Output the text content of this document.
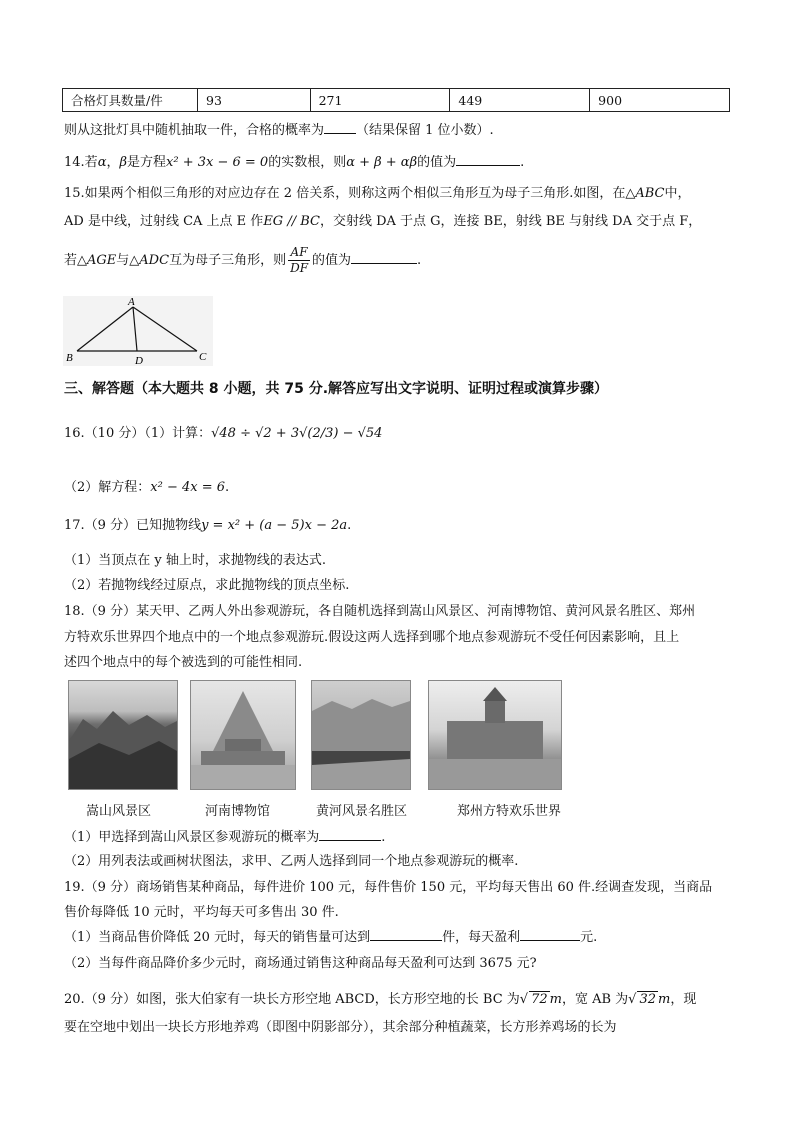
合格灯具数量/件	93	271	449	900
则从这批灯具中随机抽取一件，合格的概率为 （结果保留 1 位小数）.
14.若α，β是方程x² + 3x − 6 = 0的实数根，则α + β + αβ的值为	.
15.如果两个相似三角形的对应边存在 2 倍关系，则称这两个相似三角形互为母子三角形.如图，在△ABC中，
AD 是中线，过射线 CA 上点 E 作EG // BC，交射线 DA 于点 G，连接 BE，射线 BE 与射线 DA 交于点 F，
若△AGE与△ADC互为母子三角形，则 $\frac{AF}{DF}$ 的值为	.
A
B	C
D
三、解答题（本大题共 8 小题，共 75 分.解答应写出文字说明、证明过程或演算步骤）
16.（10 分）（1）计算：√48 ÷ √2 + 3√(2/3) − √54
（2）解方程：x² − 4x = 6.
17.（9 分）已知抛物线y = x² + (a − 5)x − 2a.
（1）当顶点在 y 轴上时，求抛物线的表达式.
（2）若抛物线经过原点，求此抛物线的顶点坐标.
18.（9 分）某天甲、乙两人外出参观游玩，各自随机选择到嵩山风景区、河南博物馆、黄河风景名胜区、郑州
方特欢乐世界四个地点中的一个地点参观游玩.假设这两人选择到哪个地点参观游玩不受任何因素影响，且上
述四个地点中的每个被选到的可能性相同.
嵩山风景区	河南博物馆	黄河风景名胜区	郑州方特欢乐世界
（1）甲选择到嵩山风景区参观游玩的概率为	.
（2）用列表法或画树状图法，求甲、乙两人选择到同一个地点参观游玩的概率.
19.（9 分）商场销售某种商品，每件进价 100 元，每件售价 150 元，平均每天售出 60 件.经调查发现，当商品
售价每降低 10 元时，平均每天可多售出 30 件.
（1）当商品售价降低 20 元时，每天的销售量可达到	件，每天盈利	元.
（2）当每件商品降价多少元时，商场通过销售这种商品每天盈利可达到 3675 元?
20.（9 分）如图，张大伯家有一块长方形空地 ABCD，长方形空地的长 BC 为√ 72 m，宽 AB 为√ 32 m，现
要在空地中划出一块长方形地养鸡（即图中阴影部分），其余部分种植蔬菜，长方形养鸡场的长为
